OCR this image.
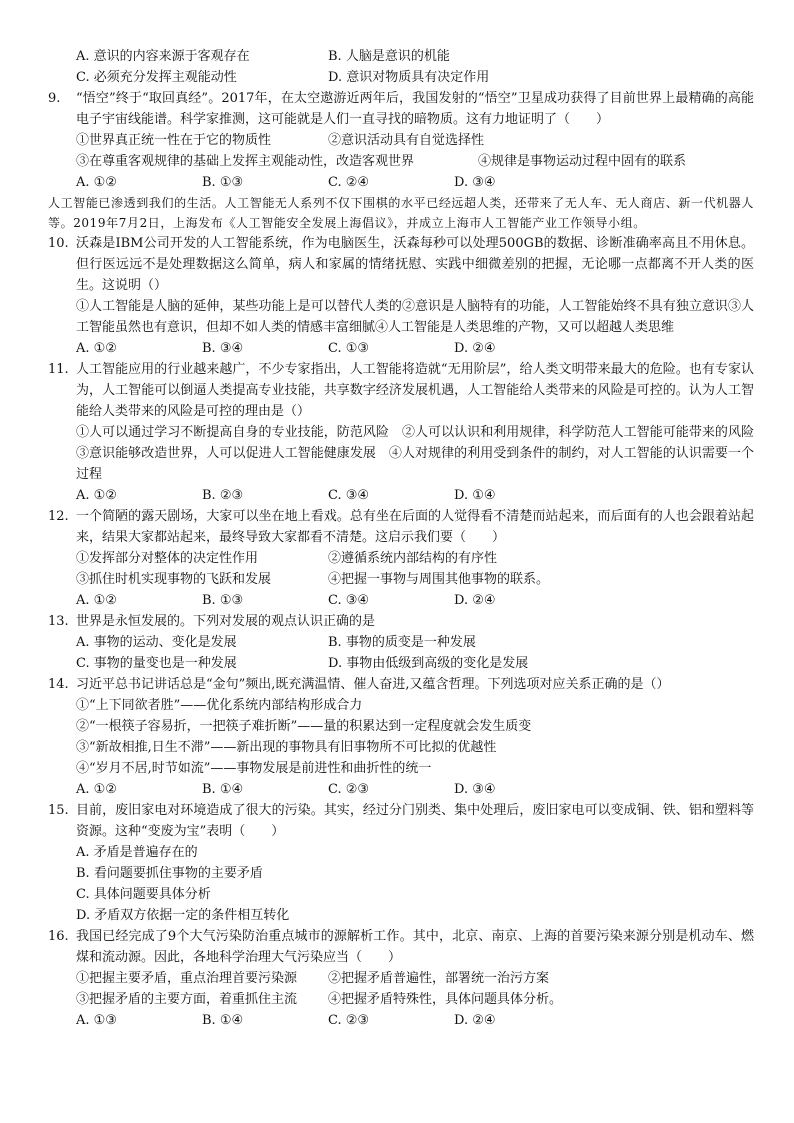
A. 意识的内容来源于客观存在	B. 人脑是意识的机能
C. 必须充分发挥主观能动性	D. 意识对物质具有决定作用
9.	“悟空”终于“取回真经”。2017年，在太空遨游近两年后，我国发射的“悟空”卫星成功获得了目前世界上最精确的高能电子宇宙线能谱。科学家推测，这可能就是人们一直寻找的暗物质。这有力地证明了（　　）
①世界真正统一性在于它的物质性	②意识活动具有自觉选择性
③在尊重客观规律的基础上发挥主观能动性，改造客观世界	④规律是事物运动过程中固有的联系
A. ①②	B. ①③	C. ②④	D. ③④
人工智能已渗透到我们的生活。人工智能无人系列不仅下围棋的水平已经远超人类，还带来了无人车、无人商店、新一代机器人等。2019年7月2日，上海发布《人工智能安全发展上海倡议》，并成立上海市人工智能产业工作领导小组。
10. 沃森是IBM公司开发的人工智能系统，作为电脑医生，沃森每秒可以处理500GB的数据、诊断准确率高且不用休息。但行医远远不是处理数据这么简单，病人和家属的情绪抚慰、实践中细微差别的把握，无论哪一点都离不开人类的医生。这说明（）
①人工智能是人脑的延伸，某些功能上是可以替代人类的②意识是人脑特有的功能，人工智能始终不具有独立意识③人工智能虽然也有意识，但却不如人类的情感丰富细腻④人工智能是人类思维的产物，又可以超越人类思维
A. ①②	B. ③④	C. ①③	D. ②④
11. 人工智能应用的行业越来越广，不少专家指出，人工智能将造就“无用阶层”，给人类文明带来最大的危险。也有专家认为，人工智能可以倒逼人类提高专业技能，共享数字经济发展机遇，人工智能给人类带来的风险是可控的。认为人工智能给人类带来的风险是可控的理由是（）
①人可以通过学习不断提高自身的专业技能，防范风险　②人可以认识和利用规律，科学防范人工智能可能带来的风险　③意识能够改造世界，人可以促进人工智能健康发展　④人对规律的利用受到条件的制约，对人工智能的认识需要一个过程
A. ①②	B. ②③	C. ③④	D. ①④
12. 一个简陋的露天剧场，大家可以坐在地上看戏。总有坐在后面的人觉得看不清楚而站起来，而后面有的人也会跟着站起来，结果大家都站起来，最终导致大家都看不清楚。这启示我们要（　　）
①发挥部分对整体的决定性作用	②遵循系统内部结构的有序性
③抓住时机实现事物的飞跃和发展	④把握一事物与周围其他事物的联系。
A. ①②	B. ①③	C. ③④	D. ②④
13. 世界是永恒发展的。下列对发展的观点认识正确的是
A. 事物的运动、变化是发展	B. 事物的质变是一种发展
C. 事物的量变也是一种发展	D. 事物由低级到高级的变化是发展
14. 习近平总书记讲话总是“金句”频出,既充满温情、催人奋进,又蕴含哲理。下列选项对应关系正确的是（）
①“上下同欲者胜”——优化系统内部结构形成合力
②“一根筷子容易折，一把筷子难折断”——量的积累达到一定程度就会发生质变
③“新故相推,日生不滞”——新出现的事物具有旧事物所不可比拟的优越性
④“岁月不居,时节如流”——事物发展是前进性和曲折性的统一
A. ①②	B. ①④	C. ②③	D. ③④
15. 目前，废旧家电对环境造成了很大的污染。其实，经过分门别类、集中处理后，废旧家电可以变成铜、铁、铝和塑料等资源。这种“变废为宝”表明（　　）
A. 矛盾是普遍存在的
B. 看问题要抓住事物的主要矛盾
C. 具体问题要具体分析
D. 矛盾双方依据一定的条件相互转化
16. 我国已经完成了9个大气污染防治重点城市的源解析工作。其中，北京、南京、上海的首要污染来源分别是机动车、燃煤和流动源。因此，各地科学治理大气污染应当（　　）
①把握主要矛盾，重点治理首要污染源	②把握矛盾普遍性，部署统一治污方案
③把握矛盾的主要方面，着重抓住主流	④把握矛盾特殊性，具体问题具体分析。
A. ①③	B. ①④	C. ②③	D. ②④
